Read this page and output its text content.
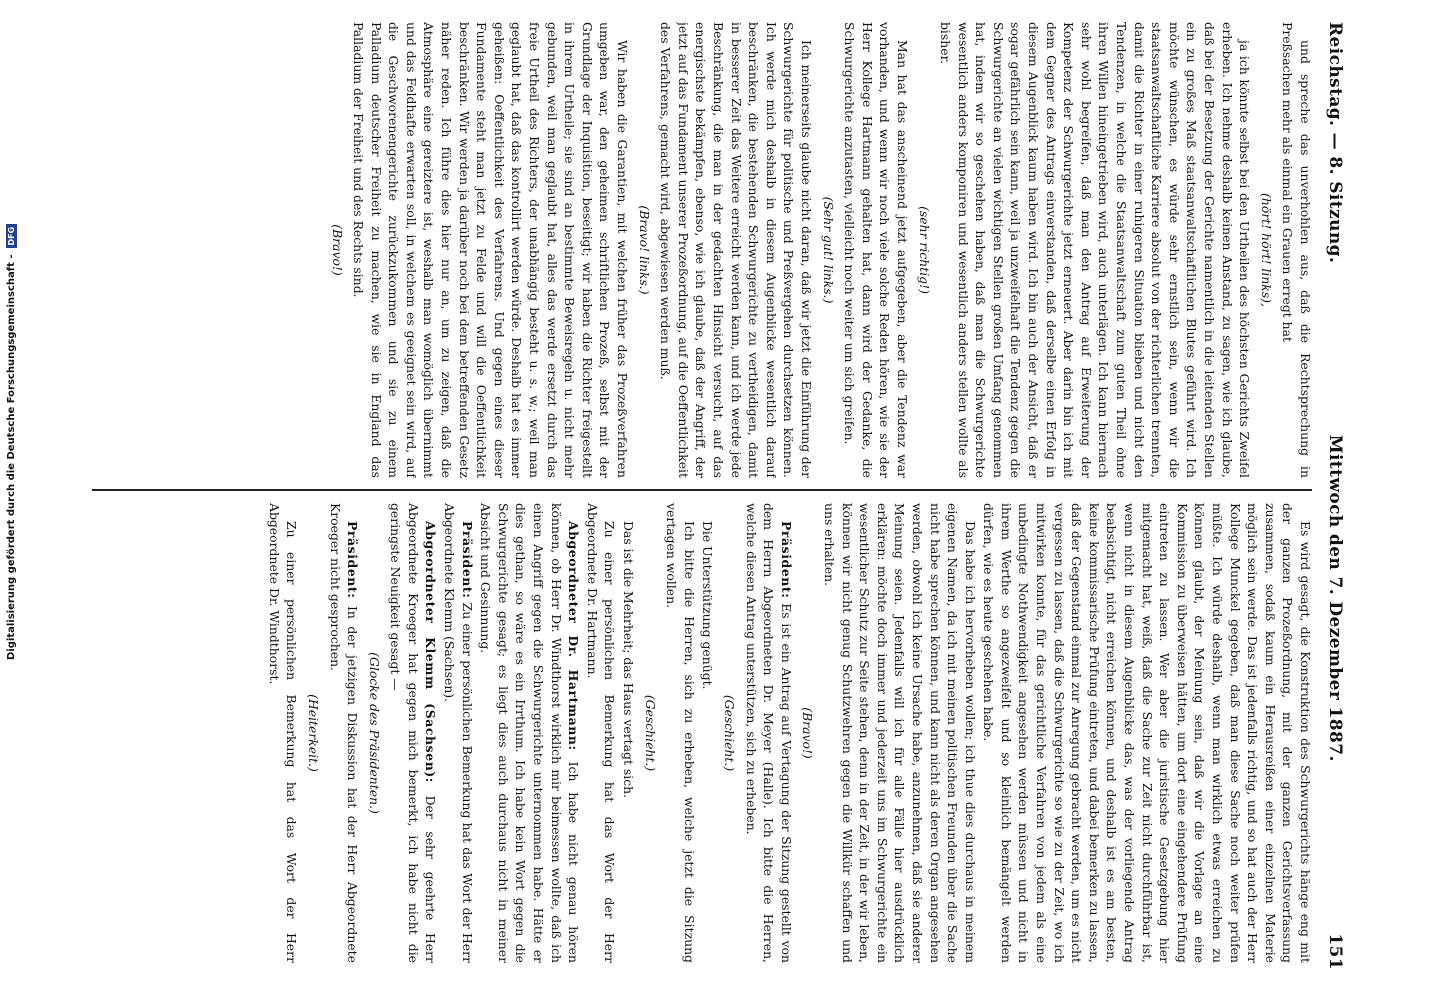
Reichstag. — 8. Sitzung.
Mittwoch den 7. Dezember 1887.
151

und spreche das unverhohlen aus, daß die Rechtsprechung in Preßsachen mehr als einmal ein Grauen erregt hat

(hört! hört! links),

ja ich könnte selbst bei den Urtheilen des höchsten Gerichts Zweifel erheben. Ich nehme deshalb keinen Anstand, zu sagen, wie ich glaube, daß bei der Besetzung der Gerichte namentlich in die leitenden Stellen ein zu großes Maß staatsanwaltschaftlichen Blutes geführt wird. Ich möchte wünschen, es würde sehr ernstlich sein, wenn wir die staatsanwaltschaftliche Karriere absolut von der richterlichen trennten, damit die Richter in einer ruhigeren Situation blieben und nicht den Tendenzen, in welche die Staatsanwaltschaft zum guten Theil ohne ihren Willen hineingetrieben wird, auch unterlägen. Ich kann hiernach sehr wohl begreifen, daß man den Antrag auf Erweiterung der Kompetenz der Schwurgerichte jetzt erneuert. Aber darin bin ich mit dem Gegner des Antrags einverstanden, daß derselbe einen Erfolg in diesem Augenblick kaum haben wird. Ich bin auch der Ansicht, daß er sogar gefährlich sein kann, weil ja unzweifelhaft die Tendenz gegen die Schwurgerichte an vielen wichtigen Stellen großen Umfang genommen hat, indem wir so geschehen haben, daß man die Schwurgerichte wesentlich anders komponiren und wesentlich anders stellen wollte als bisher.

(sehr richtig!)

Man hat das anscheinend jetzt aufgegeben, aber die Tendenz war vorhanden, und wenn wir noch viele solche Reden hören, wie sie der Herr Kollege Hartmann gehalten hat, dann wird der Gedanke, die Schwurgerichte anzutasten, vielleicht noch weiter um sich greifen.

(Sehr gut! links.)

Ich meinerseits glaube nicht daran, daß wir jetzt die Einführung der Schwurgerichte für politische und Preßvergehen durchsetzen können. Ich werde mich deshalb in diesem Augenblicke wesentlich darauf beschränken, die bestehenden Schwurgerichte zu vertheidigen, damit in besserer Zeit das Weitere erreicht werden kann, und ich werde jede Beschränkung, die man in der gedachten Hinsicht versucht, auf das energischste bekämpfen, ebenso, wie ich glaube, daß der Angriff, der jetzt auf das Fundament unserer Prozeßordnung, auf die Oeffentlichkeit des Verfahrens, gemacht wird, abgewiesen werden muß.

(Bravo! links.)

Wir haben die Garantien, mit welchen früher das Prozeßverfahren umgeben war, den geheimen schriftlichen Prozeß, selbst mit der Grundlage der Inquisition, beseitigt; wir haben die Richter freigestellt in ihrem Urtheile; sie sind an bestimmte Beweisregeln u. nicht mehr gebunden, weil man geglaubt hat, alles das werde ersetzt durch das freie Urtheil des Richters, der unabhängig besteht u. s. w.; weil man geglaubt hat, daß das kontrollirt werden würde. Deshalb hat es immer geheißen: Oeffentlichkeit des Verfahrens. Und gegen eines dieser Fundamente steht man jetzt zu Felde und will die Oeffentlichkeit beschränken. Wir werden ja darüber noch bei dem betreffenden Gesetz näher reden. Ich führe dies hier nur an, um zu zeigen, daß die Atmosphäre eine gereiztere ist, weshalb man womöglich übernimmt und das Feldhafte erwarten soll, in welchem es geeignet sein wird, auf die Geschworenengerichte zurückzukommen und sie zu einem Palladium deutscher Freiheit zu machen, wie sie in England das Palladium der Freiheit und des Rechts sind.

(Bravo!)

Es wird gesagt, die Konstruktion des Schwurgerichts hänge eng mit der ganzen Prozeßordnung, mit der ganzen Gerichtsverfassung zusammen, sodaß kaum ein Herausreißen einer einzelnen Materie möglich sein werde. Das ist jedenfalls richtig, und so hat auch der Herr Kollege Munckel gegeben, daß man diese Sache noch weiter prüfen müßte. Ich würde deshalb, wenn man wirklich etwas erreichen zu können glaubt, der Meinung sein, daß wir die Vorlage an eine Kommission zu überweisen hätten, um dort eine eingehendere Prüfung eintreten zu lassen. Wer aber die juristische Gesetzgebung hier mitgemacht hat, weiß, daß die Sache zur Zeit nicht durchführbar ist, wenn nicht in diesem Augenblicke das, was der vorliegende Antrag beabsichtigt, nicht erreichen können, und deshalb ist es am besten, keine kommissarische Prüfung eintreten, und dabei bemerken zu lassen, daß der Gegenstand einmal zur Anregung gebracht werden, um es nicht vergessen zu lassen, daß die Schwurgerichte so wie zu der Zeit, wo ich mitwirken konnte, für das gerichtliche Verfahren von jedem als eine unbedingte Nothwendigkeit angesehen werden müssen und nicht in ihrem Werthe so angezweifelt und so kleinlich bemängelt werden dürfen, wie es heute geschehen habe.

Das habe ich hervorheben wollen; ich thue dies durchaus in meinem eigenen Namen, da ich mit meinen politischen Freunden über die Sache nicht habe sprechen können, und kann nicht als deren Organ angesehen werden, obwohl ich keine Ursache habe, anzunehmen, daß sie anderer Meinung seien. Jedenfalls will ich für alle Fälle hier ausdrücklich erklären: möchte doch immer und jederzeit uns im Schwurgerichte ein wesentlicher Schutz zur Seite stehen, denn in der Zeit, in der wir leben, können wir nicht genug Schutzwehren gegen die Willkür schaffen und uns erhalten.

(Bravo!)

Präsident: Es ist ein Antrag auf Vertagung der Sitzung gestellt von dem Herrn Abgeordneten Dr. Meyer (Halle). Ich bitte die Herren, welche diesen Antrag unterstützen, sich zu erheben.

(Geschieht.)

Die Unterstützung genügt.

Ich bitte die Herren, sich zu erheben, welche jetzt die Sitzung vertagen wollen.

(Geschieht.)

Das ist die Mehrheit; das Haus vertagt sich.

Zu einer persönlichen Bemerkung hat das Wort der Herr Abgeordnete Dr. Hartmann.

Abgeordneter Dr. Hartmann: Ich habe nicht genau hören können, ob Herr Dr. Windthorst wirklich mir beimessen wollte, daß ich einen Angriff gegen die Schwurgerichte unternommen habe. Hätte er dies gethan, so wäre es ein Irrthum. Ich habe kein Wort gegen die Schwurgerichte gesagt; es liegt dies auch durchaus nicht in meiner Absicht und Gesinnung.

Präsident: Zu einer persönlichen Bemerkung hat das Wort der Herr Abgeordnete Klemm (Sachsen).

Abgeordneter Klemm (Sachsen): Der sehr geehrte Herr Abgeordnete Kroeger hat gegen mich bemerkt, ich habe nicht die geringste Neuigkeit gesagt —

(Glocke des Präsidenten.)

Präsident: In der jetzigen Diskussion hat der Herr Abgeordnete Kroeger nicht gesprochen.

(Heiterkeit.)

Zu einer persönlichen Bemerkung hat das Wort der Herr Abgeordnete Dr. Windthorst.

Digitalisierung gefördert durch die Deutsche Forschungsgemeinschaft -
DFG
